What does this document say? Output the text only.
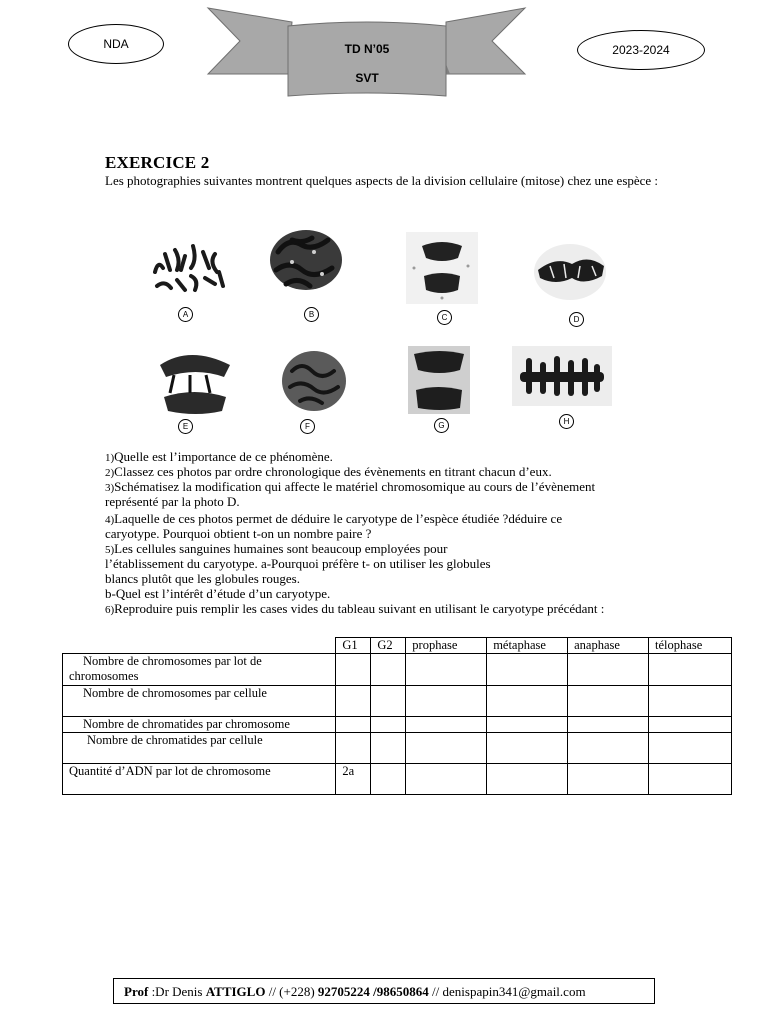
NDA	TD N’05
SVT
2023-2024
EXERCICE 2
Les photographies suivantes montrent quelques aspects de la division cellulaire (mitose) chez une espèce :
A	B	C	D
E	F	G	H
1)Quelle est l’importance de ce phénomène.
2)Classez ces photos par ordre chronologique des évènements en titrant chacun d’eux.
3)Schématisez la modification qui affecte le matériel chromosomique au cours de l’évènement
représenté par la photo D.
4)Laquelle de ces photos permet de déduire le caryotype de l’espèce étudiée ?déduire ce
caryotype. Pourquoi obtient t-on un nombre paire ?
5)Les cellules sanguines humaines sont beaucoup employées pour
l’établissement du caryotype. a-Pourquoi préfère t- on utiliser les globules
blancs plutôt que les globules rouges.
b-Quel est l’intérêt d’étude d’un caryotype.
6)Reproduire puis remplir les cases vides du tableau suivant en utilisant le caryotype précédant :
	G1	G2	prophase	métaphase	anaphase	télophase
Nombre de chromosomes par lot de chromosomes						
Nombre de chromosomes par cellule						
Nombre de chromatides par chromosome						
Nombre de chromatides par cellule						
Quantité d’ADN par lot de chromosome	2a					
Prof :Dr Denis ATTIGLO // (+228) 92705224 /98650864 // denispapin341@gmail.com
